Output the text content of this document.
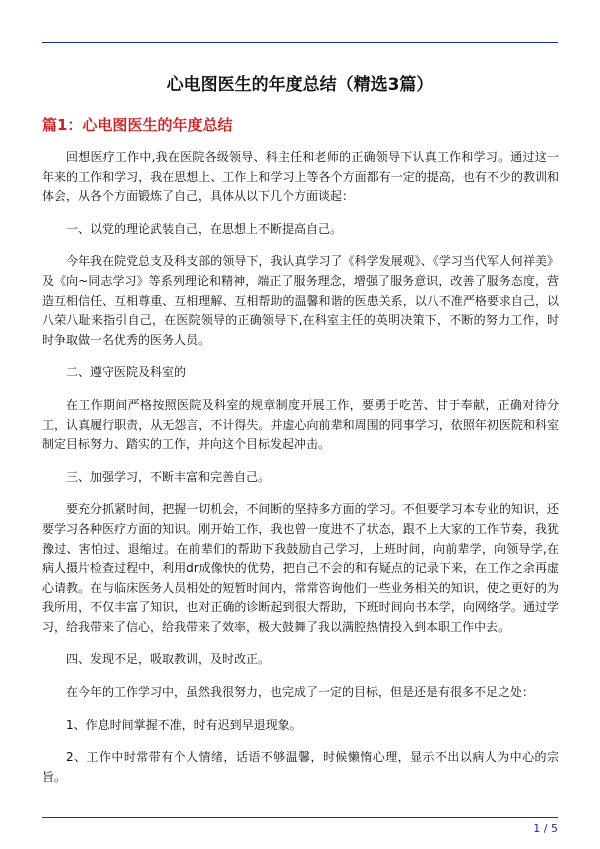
心电图医生的年度总结（精选3篇）
篇1：心电图医生的年度总结

回想医疗工作中,我在医院各级领导、科主任和老师的正确领导下认真工作和学习。通过这一年来的工作和学习，我在思想上、工作上和学习上等各个方面都有一定的提高，也有不少的教训和体会，从各个方面锻炼了自己，具体从以下几个方面谈起：

一、以党的理论武装自己，在思想上不断提高自己。

今年我在院党总支及科支部的领导下，我认真学习了《科学发展观》、《学习当代军人何祥美》及《向~同志学习》等系列理论和精神，端正了服务理念，增强了服务意识，改善了服务态度，营造互相信任、互相尊重、互相理解、互相帮助的温馨和谐的医患关系，以八不准严格要求自己，以八荣八耻来指引自己，在医院领导的正确领导下,在科室主任的英明决策下，不断的努力工作，时时争取做一名优秀的医务人员。

二、遵守医院及科室的

在工作期间严格按照医院及科室的规章制度开展工作，要勇于吃苦、甘于奉献，正确对待分工，认真履行职责，从无怨言，不计得失。并虚心向前辈和周围的同事学习，依照年初医院和科室制定目标努力、踏实的工作，并向这个目标发起冲击。

三、加强学习，不断丰富和完善自己。

要充分抓紧时间，把握一切机会，不间断的坚持多方面的学习。不但要学习本专业的知识，还要学习各种医疗方面的知识。刚开始工作，我也曾一度进不了状态，跟不上大家的工作节奏，我犹豫过、害怕过、退缩过。在前辈们的帮助下我鼓励自己学习，上班时间，向前辈学，向领导学,在病人摄片检查过程中，利用dr成像快的优势，把自己不会的和有疑点的记录下来，在工作之余再虚心请教。在与临床医务人员相处的短暂时间内，常常咨询他们一些业务相关的知识，使之更好的为我所用，不仅丰富了知识，也对正确的诊断起到很大帮助，下班时间向书本学，向网络学。通过学习，给我带来了信心，给我带来了效率，极大鼓舞了我以满腔热情投入到本职工作中去。

四、发现不足，吸取教训，及时改正。

在今年的工作学习中，虽然我很努力，也完成了一定的目标，但是还是有很多不足之处：

1、作息时间掌握不准，时有迟到早退现象。

2、工作中时常带有个人情绪，话语不够温馨，时候懒惰心理，显示不出以病人为中心的宗旨。

1 / 5
